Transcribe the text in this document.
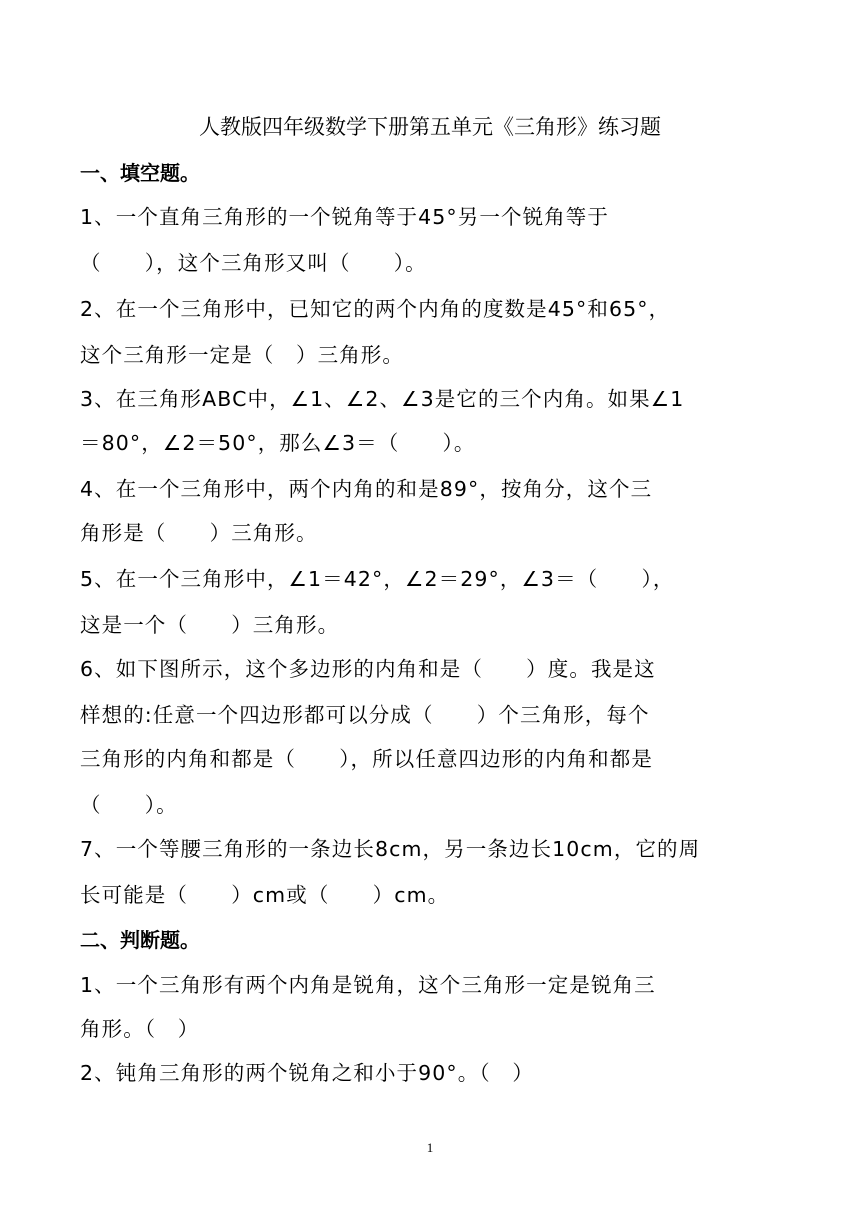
人教版四年级数学下册第五单元《三角形》练习题
一、填空题。
1、一个直角三角形的一个锐角等于45°另一个锐角等于
（　　），这个三角形又叫（　　）。
2、在一个三角形中，已知它的两个内角的度数是45°和65°，
这个三角形一定是（　）三角形。
3、在三角形ABC中，∠1、∠2、∠3是它的三个内角。如果∠1
＝80°，∠2＝50°，那么∠3＝（　　）。
4、在一个三角形中，两个内角的和是89°，按角分，这个三
角形是（　　）三角形。
5、在一个三角形中，∠1＝42°，∠2＝29°，∠3＝（　　），
这是一个（　　）三角形。
6、如下图所示，这个多边形的内角和是（　　）度。我是这
样想的:任意一个四边形都可以分成（　　）个三角形，每个
三角形的内角和都是（　　），所以任意四边形的内角和都是
（　　）。
7、一个等腰三角形的一条边长8cm，另一条边长10cm，它的周
长可能是（　　）cm或（　　）cm。
二、判断题。
1、一个三角形有两个内角是锐角，这个三角形一定是锐角三
角形。（　）
2、钝角三角形的两个锐角之和小于90°。（　）
1
